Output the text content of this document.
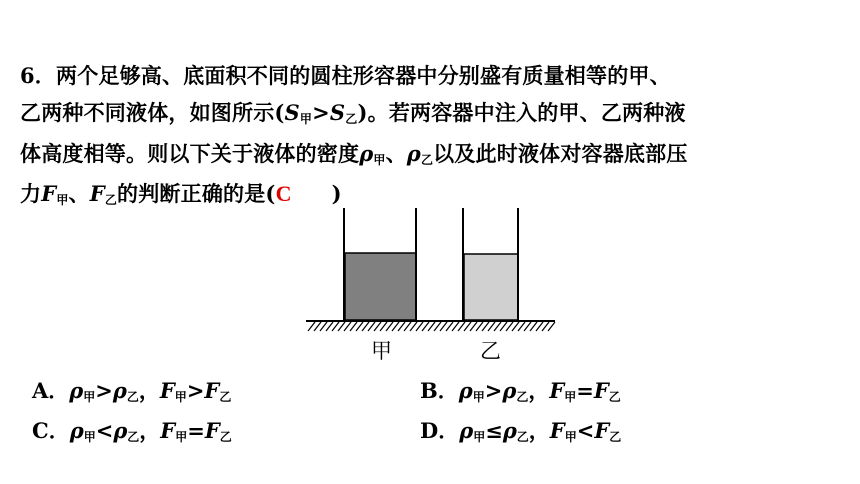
6．两个足够高、底面积不同的圆柱形容器中分别盛有质量相等的甲、
乙两种不同液体，如图所示$(S_甲>S_乙)$。若两容器中注入的甲、乙两种液
体高度相等。则以下关于液体的密度$\rho_甲$、$\rho_乙$以及此时液体对容器底部压
力$F_甲$、$F_乙$的判断正确的是(C )
甲	乙
A．$\rho_甲>\rho_乙$，$F_甲>F_乙$	B．$\rho_甲>\rho_乙$，$F_甲=F_乙$
C．$\rho_甲<\rho_乙$，$F_甲=F_乙$	D．$\rho_甲\le\rho_乙$，$F_甲<F_乙$
